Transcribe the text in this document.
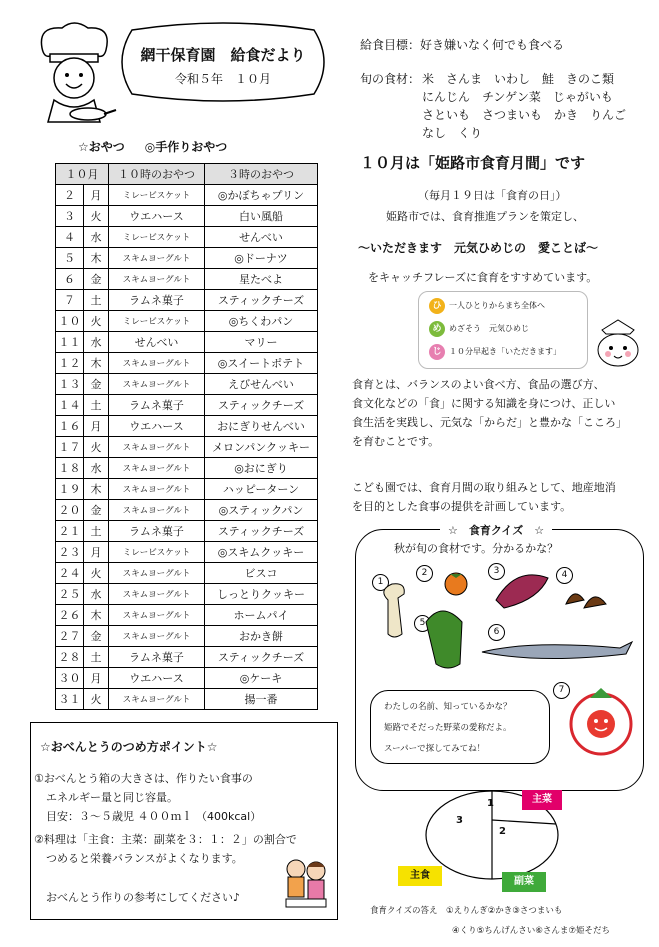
網干保育園　給食だより
令和５年　１０月
給食目標：好き嫌いなく何でも食べる
旬の食材： 米　さんま　いわし　鮭　きのこ類
にんじん　チンゲン菜　じゃがいも
さといも　さつまいも　かき　りんご
なし　くり
☆おやつ ◎手作りおやつ
１０月		１０時のおやつ	３時のおやつ
２	月	ミレービスケット	◎かぼちゃプリン
３	火	ウエハース	白い風船
４	水	ミレービスケット	せんべい
５	木	スキムヨーグルト	◎ドーナツ
６	金	スキムヨーグルト	星たべよ
７	土	ラムネ菓子	スティックチーズ
１０	火	ミレービスケット	◎ちくわパン
１１	水	せんべい	マリー
１２	木	スキムヨーグルト	◎スイートポテト
１３	金	スキムヨーグルト	えびせんべい
１４	土	ラムネ菓子	スティックチーズ
１６	月	ウエハース	おにぎりせんべい
１７	火	スキムヨーグルト	メロンパンクッキー
１８	水	スキムヨーグルト	◎おにぎり
１９	木	スキムヨーグルト	ハッピーターン
２０	金	スキムヨーグルト	◎スティックパン
２１	土	ラムネ菓子	スティックチーズ
２３	月	ミレービスケット	◎スキムクッキー
２４	火	スキムヨーグルト	ビスコ
２５	水	スキムヨーグルト	しっとりクッキー
２６	木	スキムヨーグルト	ホームパイ
２７	金	スキムヨーグルト	おかき餅
２８	土	ラムネ菓子	スティックチーズ
３０	月	ウエハース	◎ケーキ
３１	火	スキムヨーグルト	揚一番
☆おべんとうのつめ方ポイント☆
①おべんとう箱の大きさは、作りたい食事の
エネルギー量と同じ容量。
目安：３～５歳児 ４００ｍｌ （400kcal）
②料理は「主食：主菜：副菜を３：１：２」の割合で
つめると栄養バランスがよくなります。
おべんとう作りの参考にしてください♪
１０月は「姫路市食育月間」です
（毎月１９日は「食育の日」）
姫路市では、食育推進プランを策定し、
～いただきます　元気ひめじの　愛ことば～
をキャッチフレーズに食育をすすめています。
ひ 一人ひとりからまち全体へ
め めざそう　元気ひめじ
じ １０分早起き「いただきます」
食育とは、バランスのよい食べ方、食品の選び方、
食文化などの「食」に関する知識を身につけ、正しい
食生活を実践し、元気な「からだ」と豊かな「こころ」
を育むことです。
こども園では、食育月間の取り組みとして、地産地消
を目的とした食事の提供を計画しています。
☆　食育クイズ　☆
秋が旬の食材です。分かるかな？
1
2	3	4
5
6
7
わたしの名前、知っているかな？
姫路でそだった野菜の愛称だよ。
スーパーで探してみてね！
1
2
3
主菜
主食
副菜
食育クイズの答え　①えりんぎ②かき③さつまいも
④くり⑤ちんげんさい⑥さんま⑦姫そだち
